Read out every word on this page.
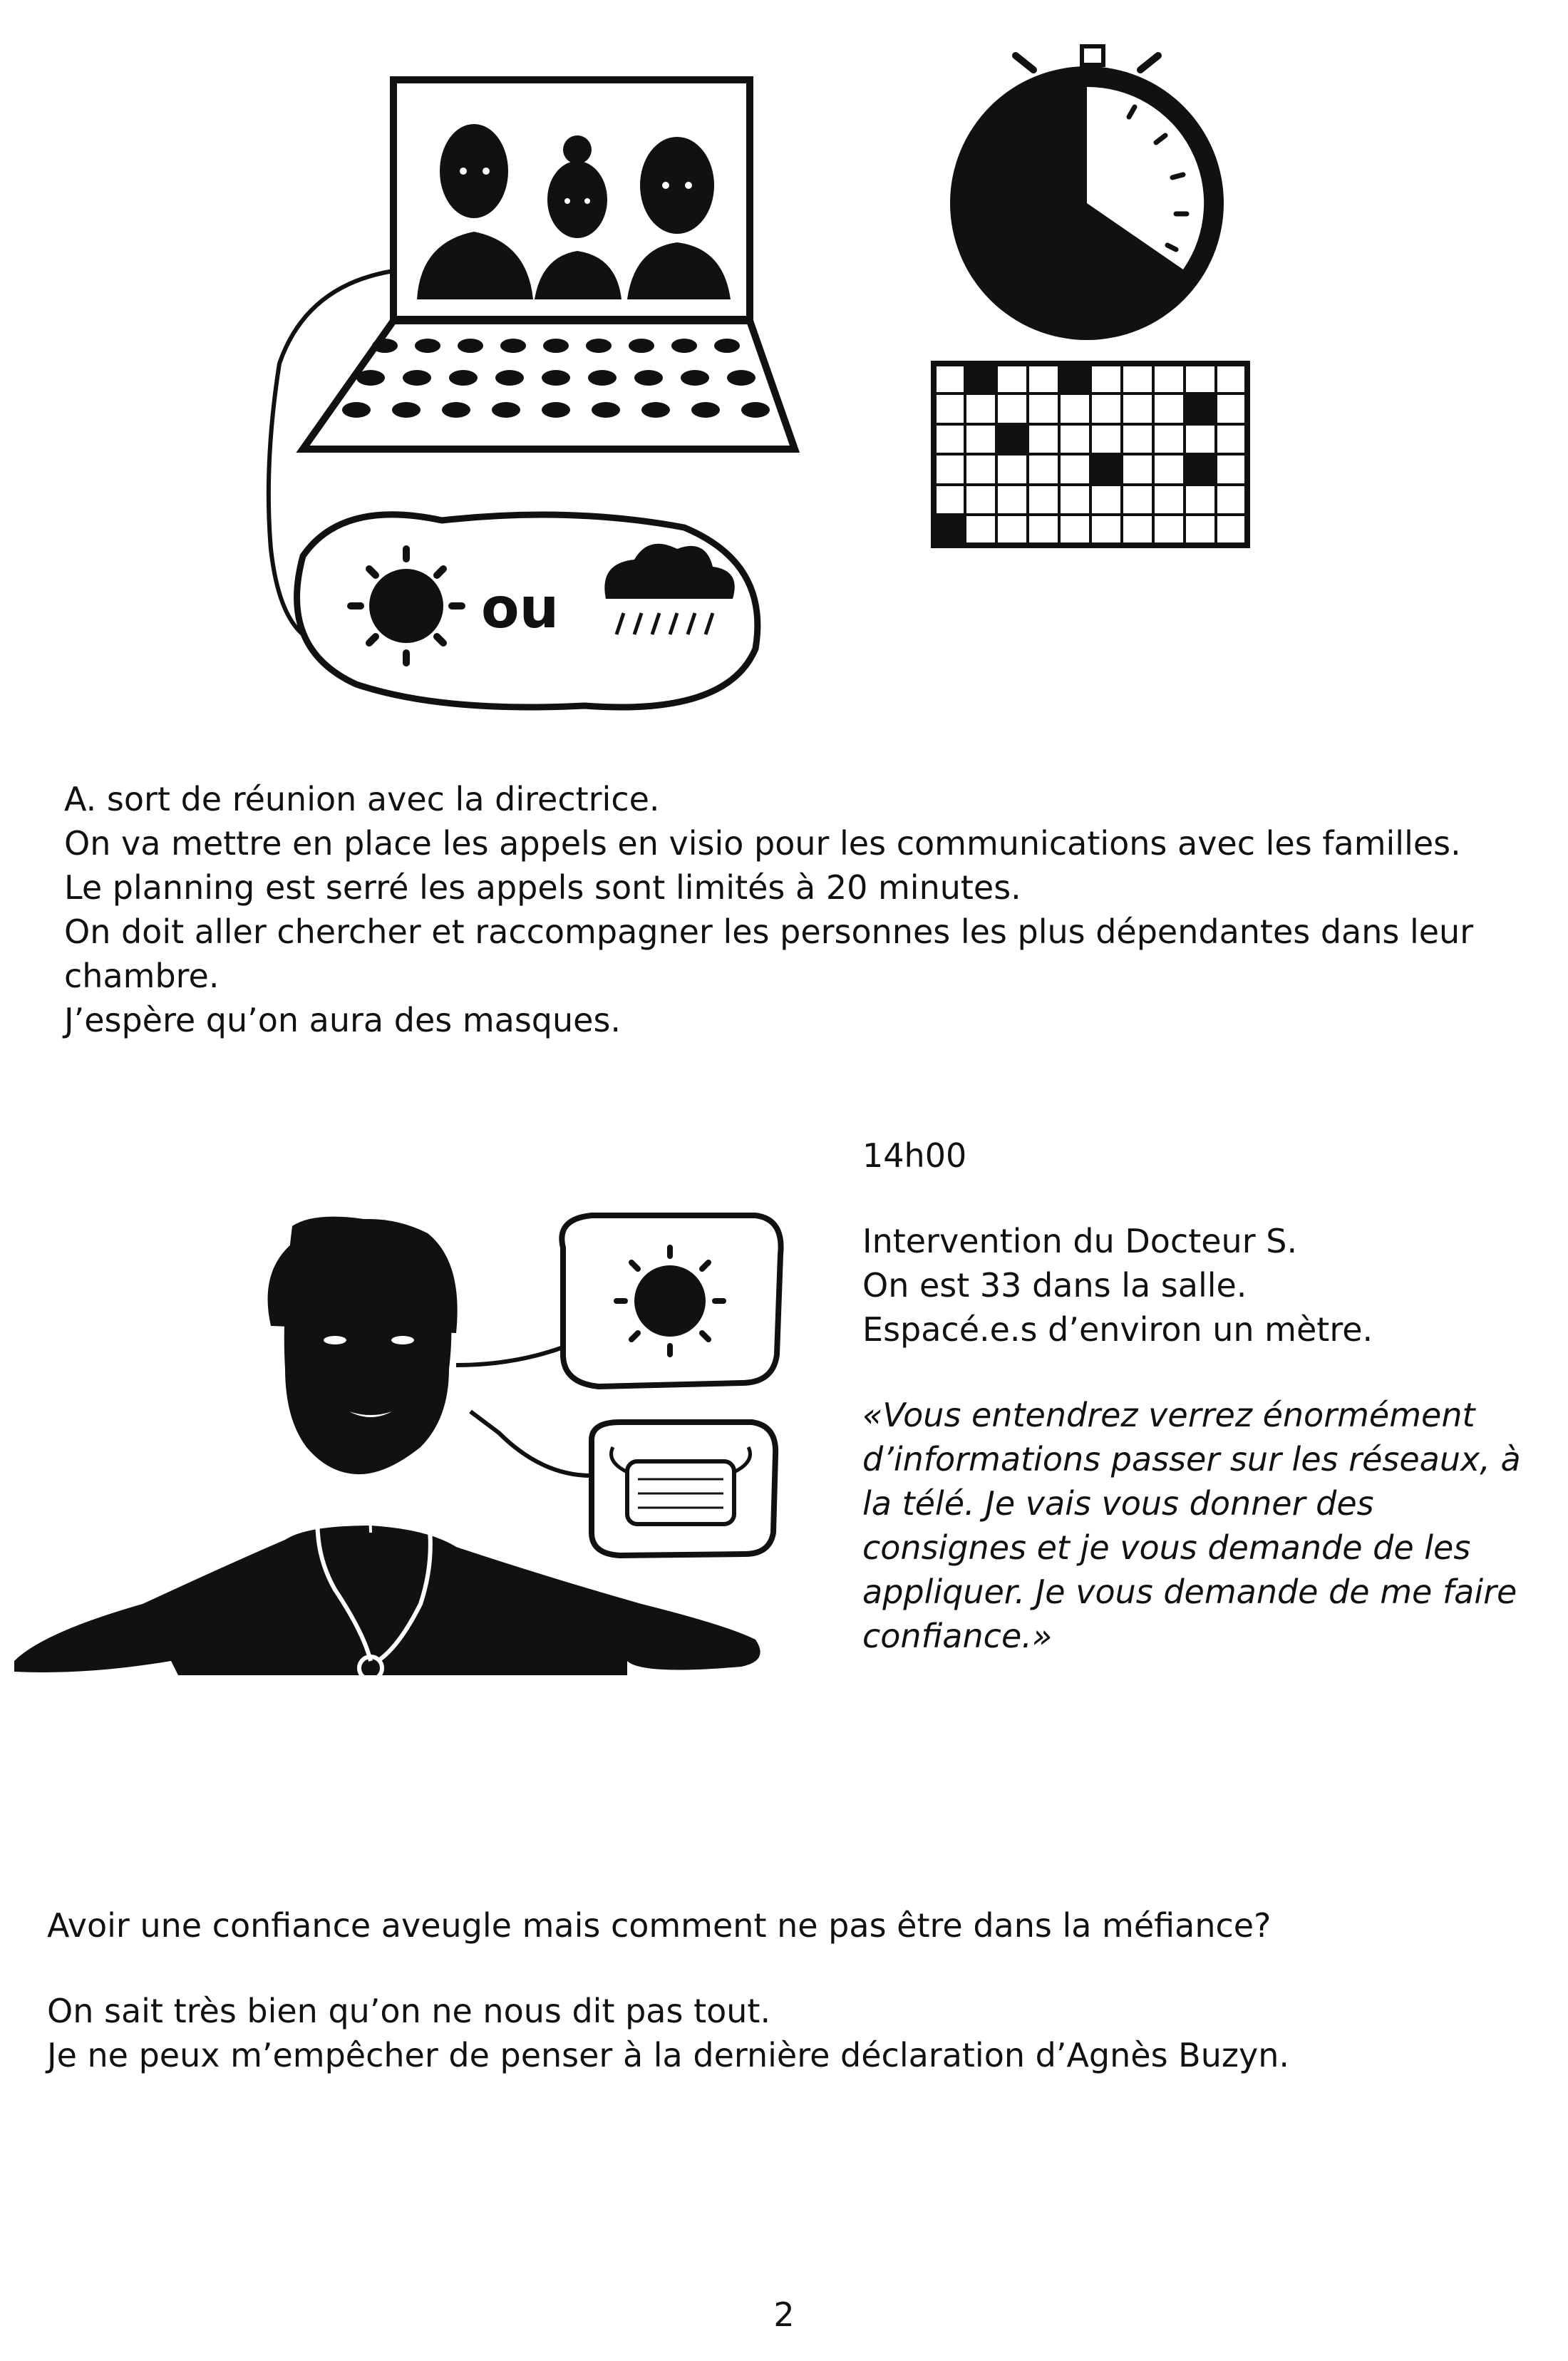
ou

A. sort de réunion avec la directrice.

On va mettre en place les appels en visio pour les communications avec les familles.

Le planning est serré les appels sont limités à 20 minutes.

On doit aller chercher et raccompagner les personnes les plus dépendantes dans leur chambre.

J’espère qu’on aura des masques.

14h00

Intervention du Docteur S.

On est 33 dans la salle.

Espacé.e.s d’environ un mètre.

«Vous entendrez verrez énormément d’informations passer sur les réseaux, à la télé. Je vais vous donner des consignes et je vous demande de les appliquer. Je vous demande de me faire confiance.»

Avoir une confiance aveugle mais comment ne pas être dans la méfiance?

On sait très bien qu’on ne nous dit pas tout.

Je ne peux m’empêcher de penser à la dernière déclaration d’Agnès Buzyn.

2
